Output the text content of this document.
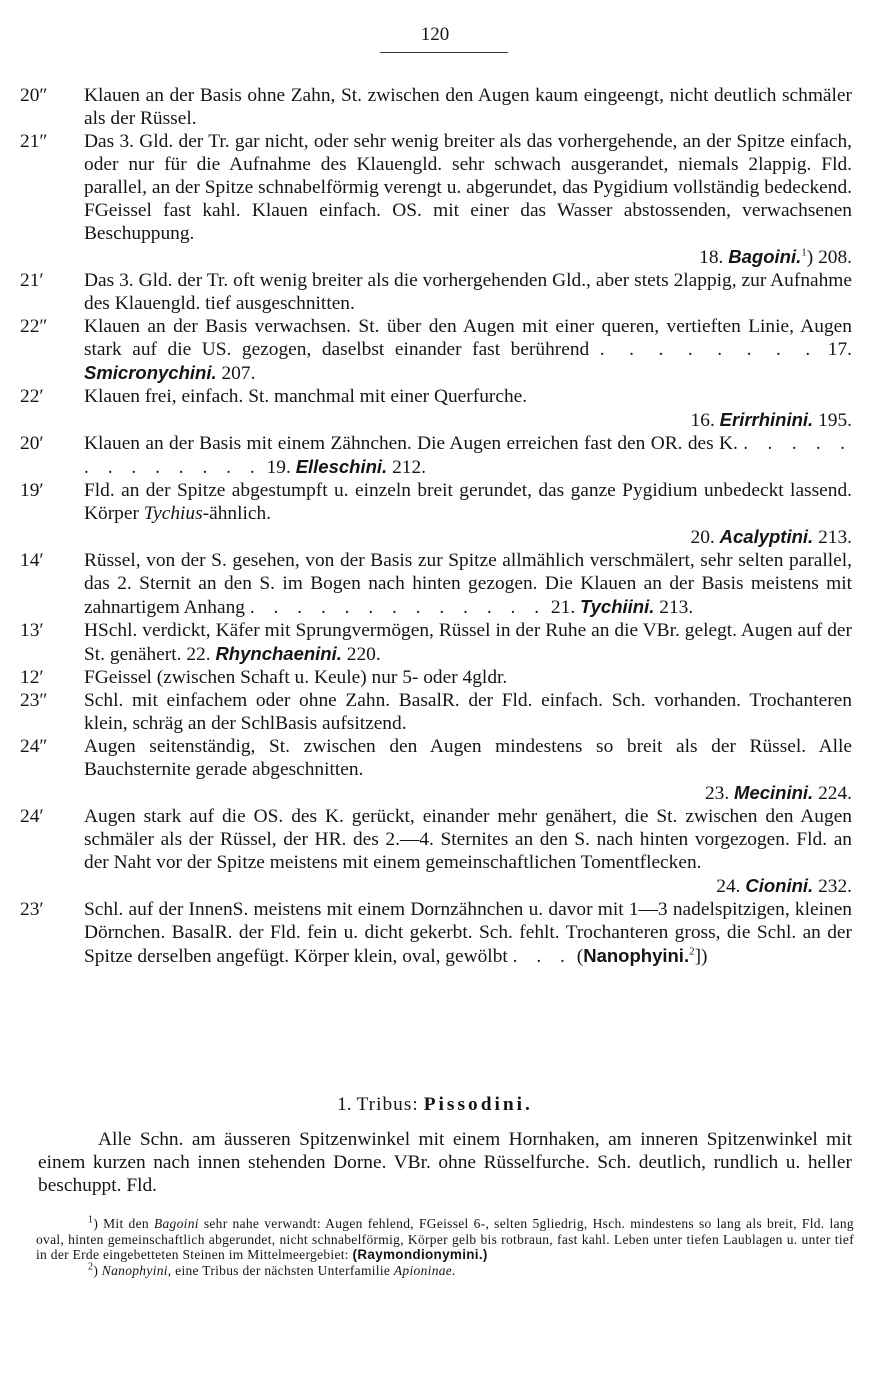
120
20″ Klauen an der Basis ohne Zahn, St. zwischen den Augen kaum eingeengt, nicht deutlich schmäler als der Rüssel.
21″ Das 3. Gld. der Tr. gar nicht, oder sehr wenig breiter als das vorhergehende, an der Spitze einfach, oder nur für die Aufnahme des Klauengld. sehr schwach ausgerandet, niemals 2lappig. Fld. parallel, an der Spitze schnabelförmig verengt u. abgerundet, das Pygidium vollständig bedeckend. FGeissel fast kahl. Klauen einfach. OS. mit einer das Wasser abstossenden, verwachsenen Beschuppung.
18. Bagoini.$^1$) 208.
21′ Das 3. Gld. der Tr. oft wenig breiter als die vorhergehenden Gld., aber stets 2lappig, zur Aufnahme des Klauengld. tief ausgeschnitten.
22″ Klauen an der Basis verwachsen. St. über den Augen mit einer queren, vertieften Linie, Augen stark auf die US. gezogen, daselbst einander fast berührend . . . . . . . . 17. Smicronychini. 207.
22′ Klauen frei, einfach. St. manchmal mit einer Querfurche.
16. Erirrhinini. 195.
20′ Klauen an der Basis mit einem Zähnchen. Die Augen erreichen fast den OR. des K. . . . . . . . . . . . . . 19. Elleschini. 212.
19′ Fld. an der Spitze abgestumpft u. einzeln breit gerundet, das ganze Pygidium unbedeckt lassend. Körper Tychius-ähnlich.
20. Acalyptini. 213.
14′ Rüssel, von der S. gesehen, von der Basis zur Spitze allmählich verschmälert, sehr selten parallel, das 2. Sternit an den S. im Bogen nach hinten gezogen. Die Klauen an der Basis meistens mit zahnartigem Anhang . . . . . . . . . . . . . 21. Tychiini. 213.
13′ HSchl. verdickt, Käfer mit Sprungvermögen, Rüssel in der Ruhe an die VBr. gelegt. Augen auf der St. genähert. 22. Rhynchaenini. 220.
12′ FGeissel (zwischen Schaft u. Keule) nur 5- oder 4gldr.
23″ Schl. mit einfachem oder ohne Zahn. BasalR. der Fld. einfach. Sch. vorhanden. Trochanteren klein, schräg an der SchlBasis aufsitzend.
24″ Augen seitenständig, St. zwischen den Augen mindestens so breit als der Rüssel. Alle Bauchsternite gerade abgeschnitten.
23. Mecinini. 224.
24′ Augen stark auf die OS. des K. gerückt, einander mehr genähert, die St. zwischen den Augen schmäler als der Rüssel, der HR. des 2.—4. Sternites an den S. nach hinten vorgezogen. Fld. an der Naht vor der Spitze meistens mit einem gemeinschaftlichen Tomentflecken.
24. Cionini. 232.
23′ Schl. auf der InnenS. meistens mit einem Dornzähnchen u. davor mit 1—3 nadelspitzigen, kleinen Dörnchen. BasalR. der Fld. fein u. dicht gekerbt. Sch. fehlt. Trochanteren gross, die Schl. an der Spitze derselben angefügt. Körper klein, oval, gewölbt . . . (Nanophyini.$^2$])
1. Tribus: Pissodini.
Alle Schn. am äusseren Spitzenwinkel mit einem Hornhaken, am inneren Spitzenwinkel mit einem kurzen nach innen stehenden Dorne. VBr. ohne Rüsselfurche. Sch. deutlich, rundlich u. heller beschuppt. Fld.
$^1$) Mit den Bagoini sehr nahe verwandt: Augen fehlend, FGeissel 6-, selten 5gliedrig, Hsch. mindestens so lang als breit, Fld. lang oval, hinten gemeinschaftlich abgerundet, nicht schnabelförmig, Körper gelb bis rotbraun, fast kahl. Leben unter tiefen Laublagen u. unter tief in der Erde eingebetteten Steinen im Mittelmeergebiet: (Raymondionymini.)
$^2$) Nanophyini, eine Tribus der nächsten Unterfamilie Apioninae.
